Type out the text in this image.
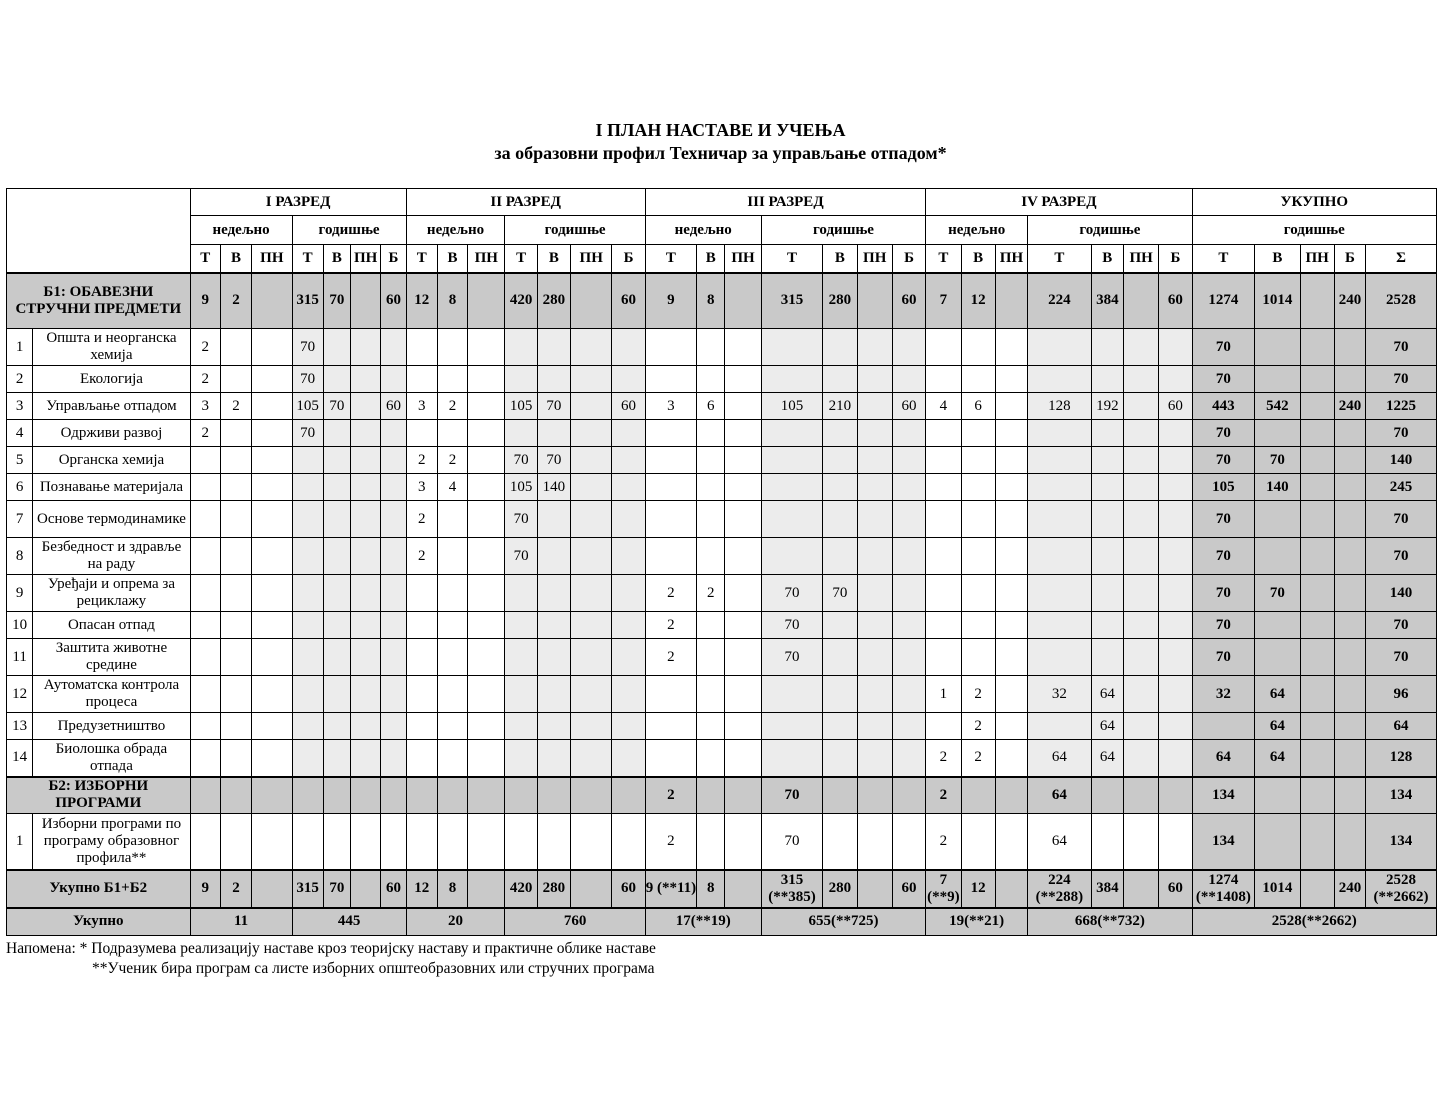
I ПЛАН НАСТАВЕ И УЧЕЊА
за образовни профил Техничар за управљање отпадом*
		I РАЗРЕД							II РАЗРЕД							III РАЗРЕД							IV РАЗРЕД							УКУПНО				
		недељно			годишње				недељно			годишње				недељно			годишње				недељно			годишње				годишње				
		Т	В	ПН	Т	В	ПН	Б	Т	В	ПН	Т	В	ПН	Б	Т	В	ПН	Т	В	ПН	Б	Т	В	ПН	Т	В	ПН	Б	Т	В	ПН	Б	Σ
Б1: ОБАВЕЗНИ СТРУЧНИ ПРЕДМЕТИ		9	2		315	70		60	12	8		420	280		60	9	8		315	280		60	7	12		224	384		60	1274	1014		240	2528
1	Општа и неорганска хемија	2			70																									70				70
2	Екологија	2			70																									70				70
3	Управљање отпадом	3	2		105	70		60	3	2		105	70		60	3	6		105	210		60	4	6		128	192		60	443	542		240	1225
4	Одрживи развој	2			70																									70				70
5	Органска хемија								2	2		70	70																	70	70			140
6	Познавање материјала								3	4		105	140																	105	140			245
7	Основе термодинамике								2			70																		70				70
8	Безбедност и здравље на раду								2			70																		70				70
9	Уређаји и опрема за рециклажу															2	2		70	70										70	70			140
10	Опасан отпад															2			70											70				70
11	Заштита животне средине															2			70											70				70
12	Аутоматска контрола процеса																						1	2		32	64			32	64			96
13	Предузетништво																							2			64				64			64
14	Биолошка обрада отпада																						2	2		64	64			64	64			128
Б2: ИЗБОРНИ ПРОГРАМИ																2			70				2			64				134				134
1	Изборни програми по програму образовног профила**															2			70				2			64				134				134
Укупно Б1+Б2		9	2		315	70		60	12	8		420	280		60	9 (**11)	8		315 (**385)	280		60	7 (**9)	12		224 (**288)	384		60	1274 (**1408)	1014		240	2528 (**2662)
Укупно		11			445				20			760				17(**19)			655(**725)				19(**21)			668(**732)				2528(**2662)				
Напомена: * Подразумева реализацију наставе кроз теоријску наставу и практичне облике наставе
**Ученик бира програм са листе изборних општеобразовних или стручних програма
